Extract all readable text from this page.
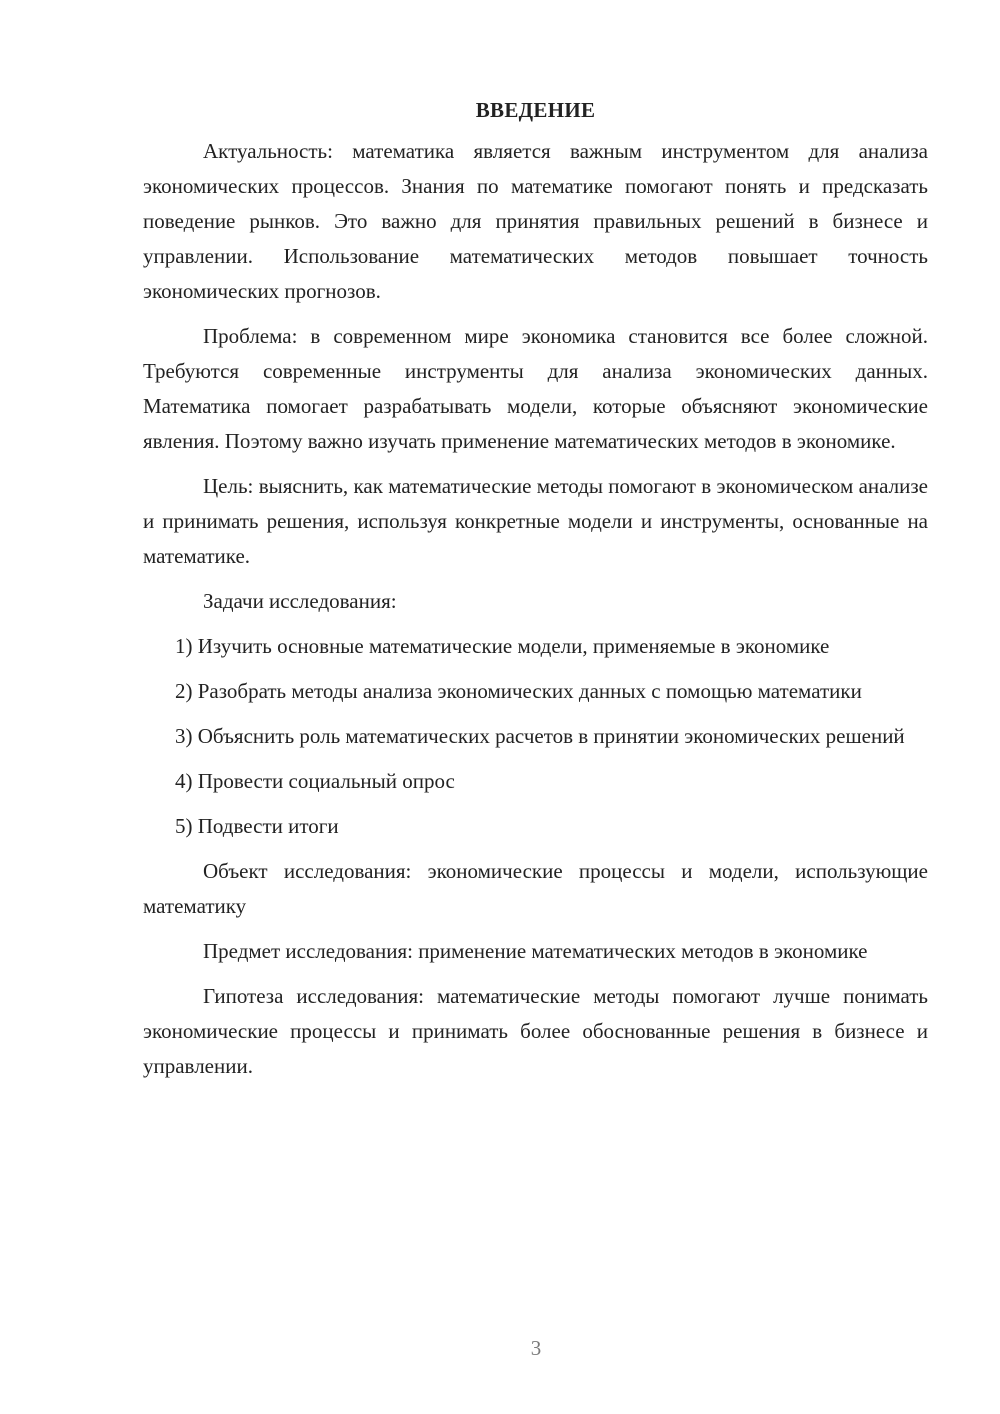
ВВЕДЕНИЕ

Актуальность: математика является важным инструментом для анализа экономических процессов. Знания по математике помогают понять и предсказать поведение рынков. Это важно для принятия правильных решений в бизнесе и управлении. Использование математических методов повышает точность экономических прогнозов.

Проблема: в современном мире экономика становится все более сложной. Требуются современные инструменты для анализа экономических данных. Математика помогает разрабатывать модели, которые объясняют экономические явления. Поэтому важно изучать применение математических методов в экономике.

Цель: выяснить, как математические методы помогают в экономическом анализе и принимать решения, используя конкретные модели и инструменты, основанные на математике.

Задачи исследования:

1) Изучить основные математические модели, применяемые в экономике

2) Разобрать методы анализа экономических данных с помощью математики

3) Объяснить роль математических расчетов в принятии экономических решений

4) Провести социальный опрос

5) Подвести итоги

Объект исследования: экономические процессы и модели, использующие математику

Предмет исследования: применение математических методов в экономике

Гипотеза исследования: математические методы помогают лучше понимать экономические процессы и принимать более обоснованные решения в бизнесе и управлении.

3
